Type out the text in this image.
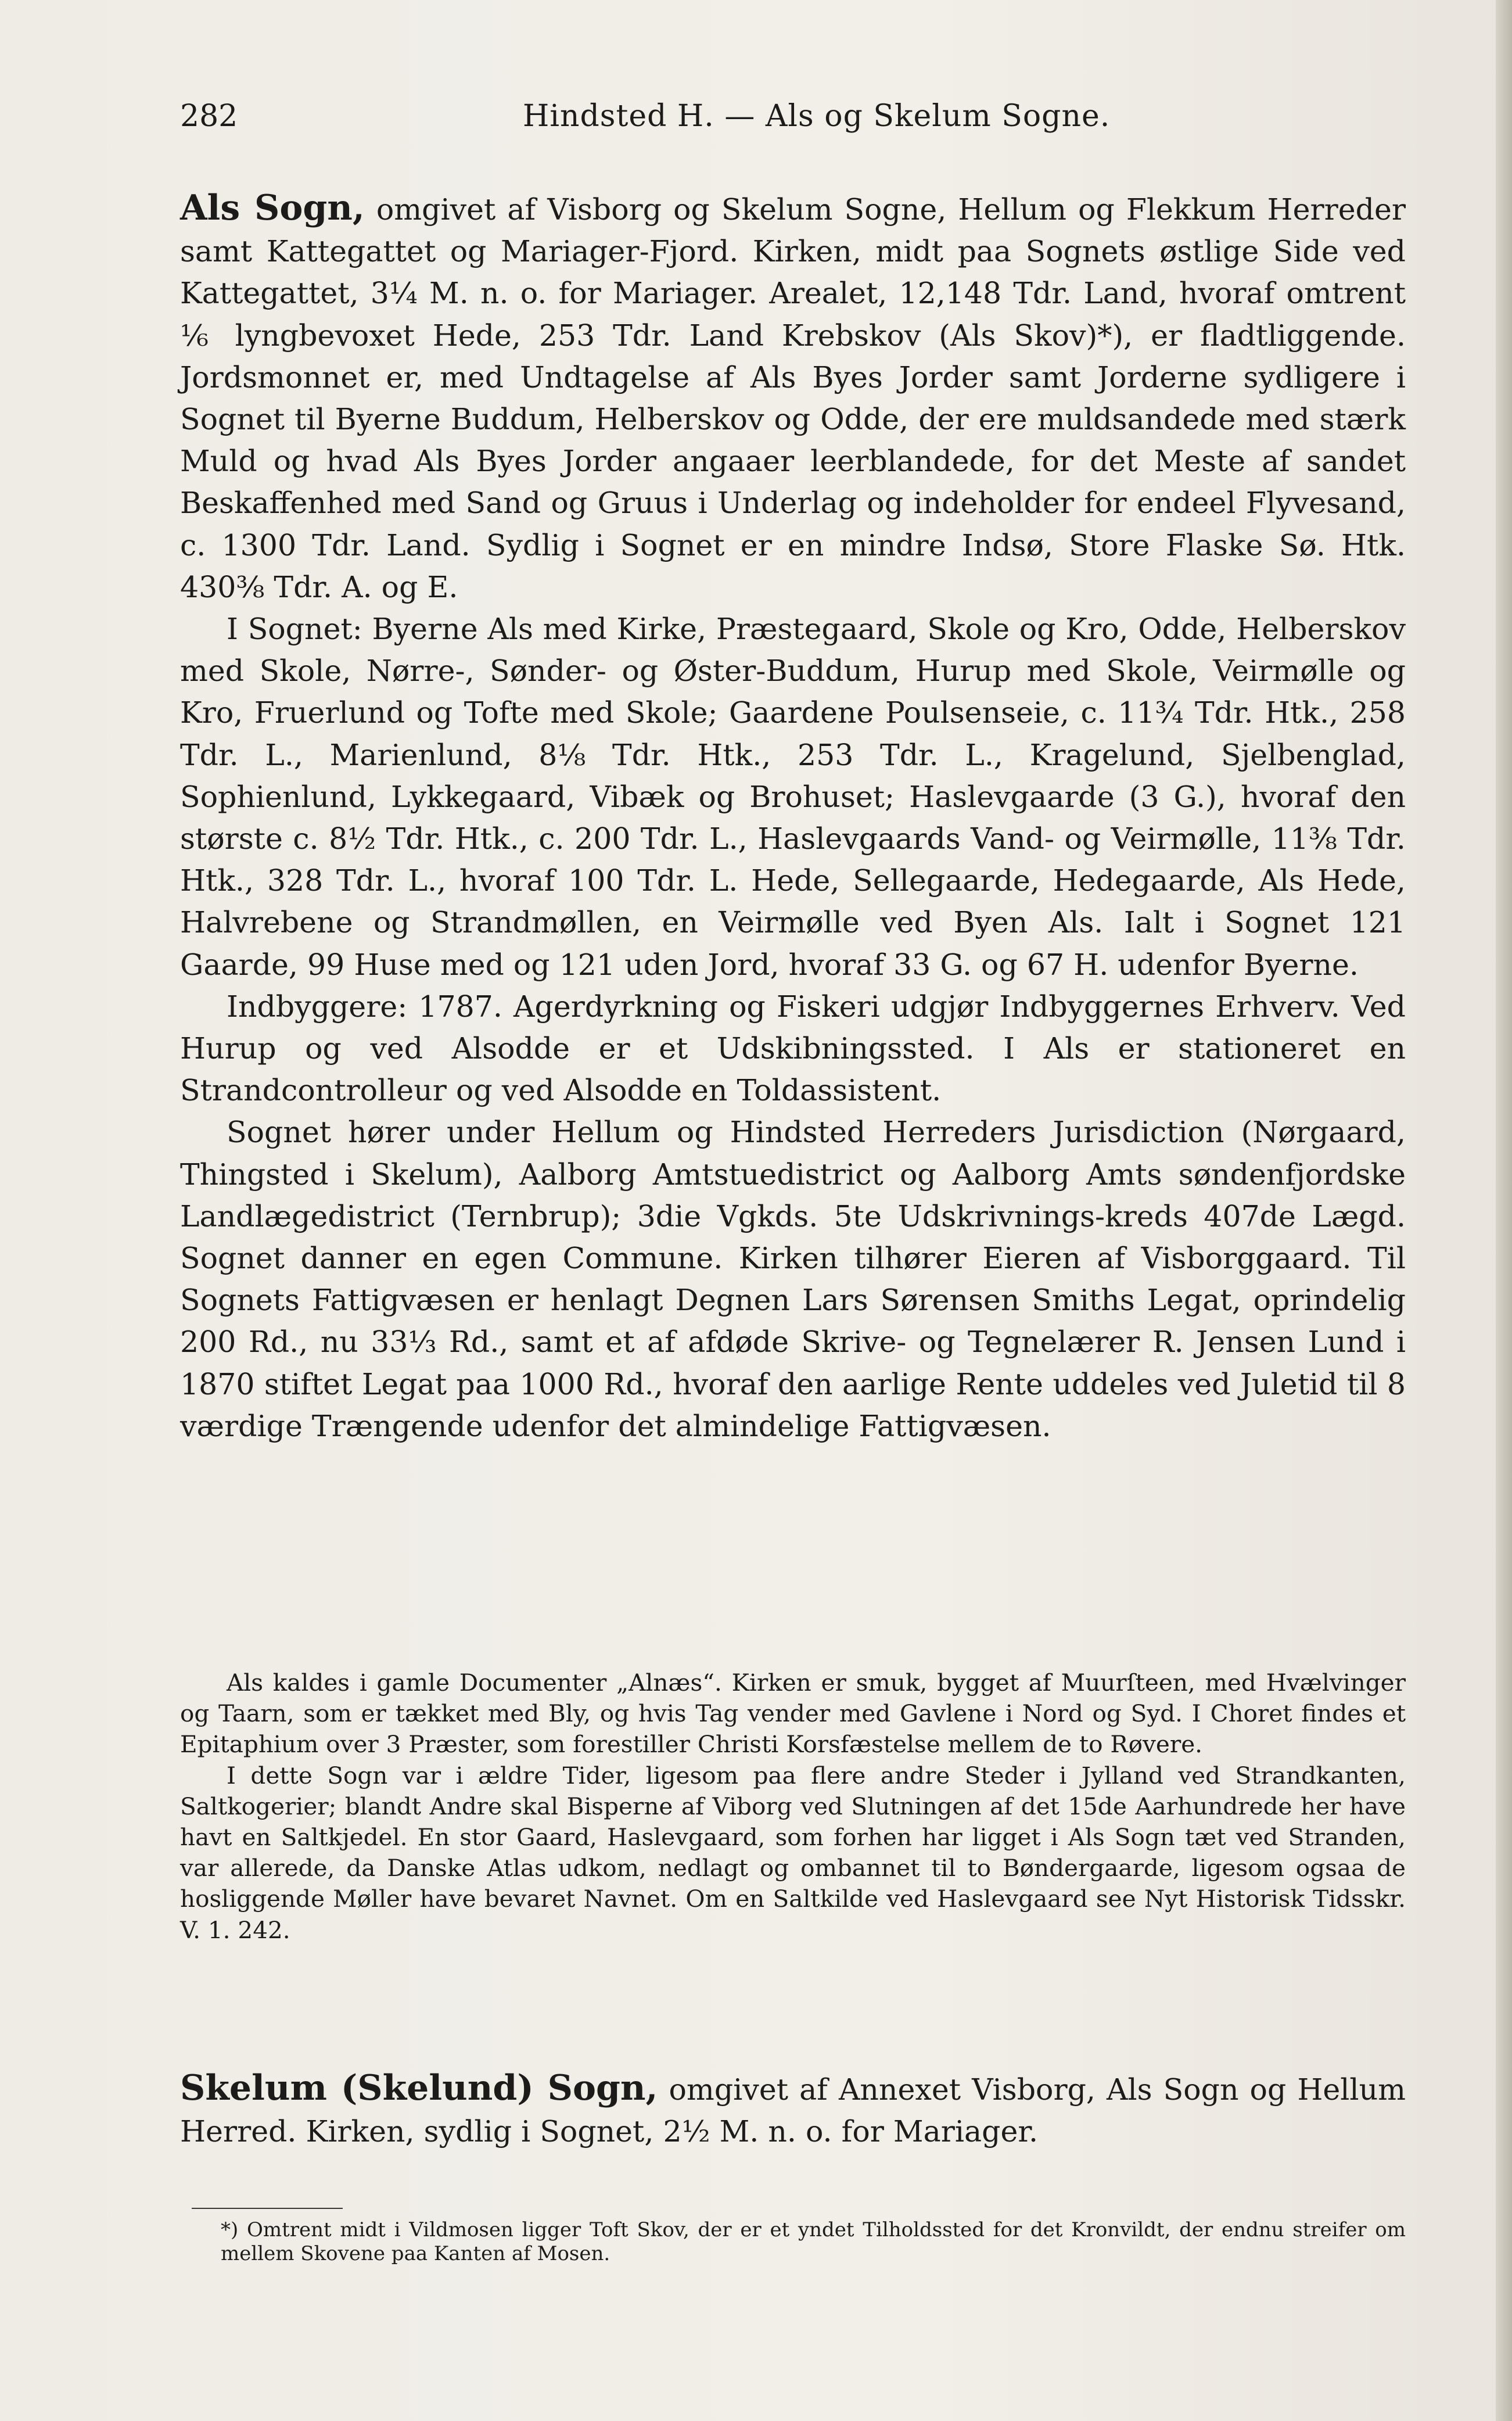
282	Hindsted H. — Als og Skelum Sogne.

Als Sogn, omgivet af Visborg og Skelum Sogne, Hellum og Flekkum Herreder samt Kattegattet og Mariager-Fjord. Kirken, midt paa Sognets østlige Side ved Kattegattet, 3¼ M. n. o. for Mariager. Arealet, 12,148 Tdr. Land, hvoraf omtrent ⅙ lyngbevoxet Hede, 253 Tdr. Land Krebskov (Als Skov)*), er fladtliggende. Jordsmonnet er, med Undtagelse af Als Byes Jorder samt Jorderne sydligere i Sognet til Byerne Buddum, Helberskov og Odde, der ere muldsandede med stærk Muld og hvad Als Byes Jorder angaaer leerblandede, for det Meste af sandet Beskaffenhed med Sand og Gruus i Underlag og indeholder for endeel Flyvesand, c. 1300 Tdr. Land. Sydlig i Sognet er en mindre Indsø, Store Flaske Sø. Htk. 430⅜ Tdr. A. og E.

I Sognet: Byerne Als med Kirke, Præstegaard, Skole og Kro, Odde, Helberskov med Skole, Nørre-, Sønder- og Øster-Buddum, Hurup med Skole, Veirmølle og Kro, Fruerlund og Tofte med Skole; Gaardene Poulsenseie, c. 11¾ Tdr. Htk., 258 Tdr. L., Marienlund, 8⅛ Tdr. Htk., 253 Tdr. L., Kragelund, Sjelbenglad, Sophienlund, Lykkegaard, Vibæk og Brohuset; Haslevgaarde (3 G.), hvoraf den største c. 8½ Tdr. Htk., c. 200 Tdr. L., Haslevgaards Vand- og Veirmølle, 11⅜ Tdr. Htk., 328 Tdr. L., hvoraf 100 Tdr. L. Hede, Sellegaarde, Hedegaarde, Als Hede, Halvrebene og Strandmøllen, en Veirmølle ved Byen Als. Ialt i Sognet 121 Gaarde, 99 Huse med og 121 uden Jord, hvoraf 33 G. og 67 H. udenfor Byerne.

Indbyggere: 1787. Agerdyrkning og Fiskeri udgjør Indbyggernes Erhverv. Ved Hurup og ved Alsodde er et Udskibningssted. I Als er stationeret en Strandcontrolleur og ved Alsodde en Toldassistent.

Sognet hører under Hellum og Hindsted Herreders Jurisdiction (Nørgaard, Thingsted i Skelum), Aalborg Amtstuedistrict og Aalborg Amts søndenfjordske Landlægedistrict (Ternbrup); 3die Vgkds. 5te Udskrivnings-kreds 407de Lægd. Sognet danner en egen Commune. Kirken tilhører Eieren af Visborggaard. Til Sognets Fattigvæsen er henlagt Degnen Lars Sørensen Smiths Legat, oprindelig 200 Rd., nu 33⅓ Rd., samt et af afdøde Skrive- og Tegnelærer R. Jensen Lund i 1870 stiftet Legat paa 1000 Rd., hvoraf den aarlige Rente uddeles ved Juletid til 8 værdige Trængende udenfor det almindelige Fattigvæsen.

Als kaldes i gamle Documenter „Alnæs“. Kirken er smuk, bygget af Muurſteen, med Hvælvinger og Taarn, som er tækket med Bly, og hvis Tag vender med Gavlene i Nord og Syd. I Choret findes et Epitaphium over 3 Præster, som forestiller Christi Korsfæstelse mellem de to Røvere.

I dette Sogn var i ældre Tider, ligesom paa flere andre Steder i Jylland ved Strandkanten, Saltkogerier; blandt Andre skal Bisperne af Viborg ved Slutningen af det 15de Aarhundrede her have havt en Saltkjedel. En stor Gaard, Haslevgaard, som forhen har ligget i Als Sogn tæt ved Stranden, var allerede, da Danske Atlas udkom, nedlagt og ombannet til to Bøndergaarde, ligesom ogsaa de hosliggende Møller have bevaret Navnet. Om en Saltkilde ved Haslevgaard see Nyt Historisk Tidsskr. V. 1. 242.

Skelum (Skelund) Sogn, omgivet af Annexet Visborg, Als Sogn og Hellum Herred. Kirken, sydlig i Sognet, 2½ M. n. o. for Mariager.

*) Omtrent midt i Vildmosen ligger Toft Skov, der er et yndet Tilholdssted for det Kronvildt, der endnu streifer om mellem Skovene paa Kanten af Mosen.
